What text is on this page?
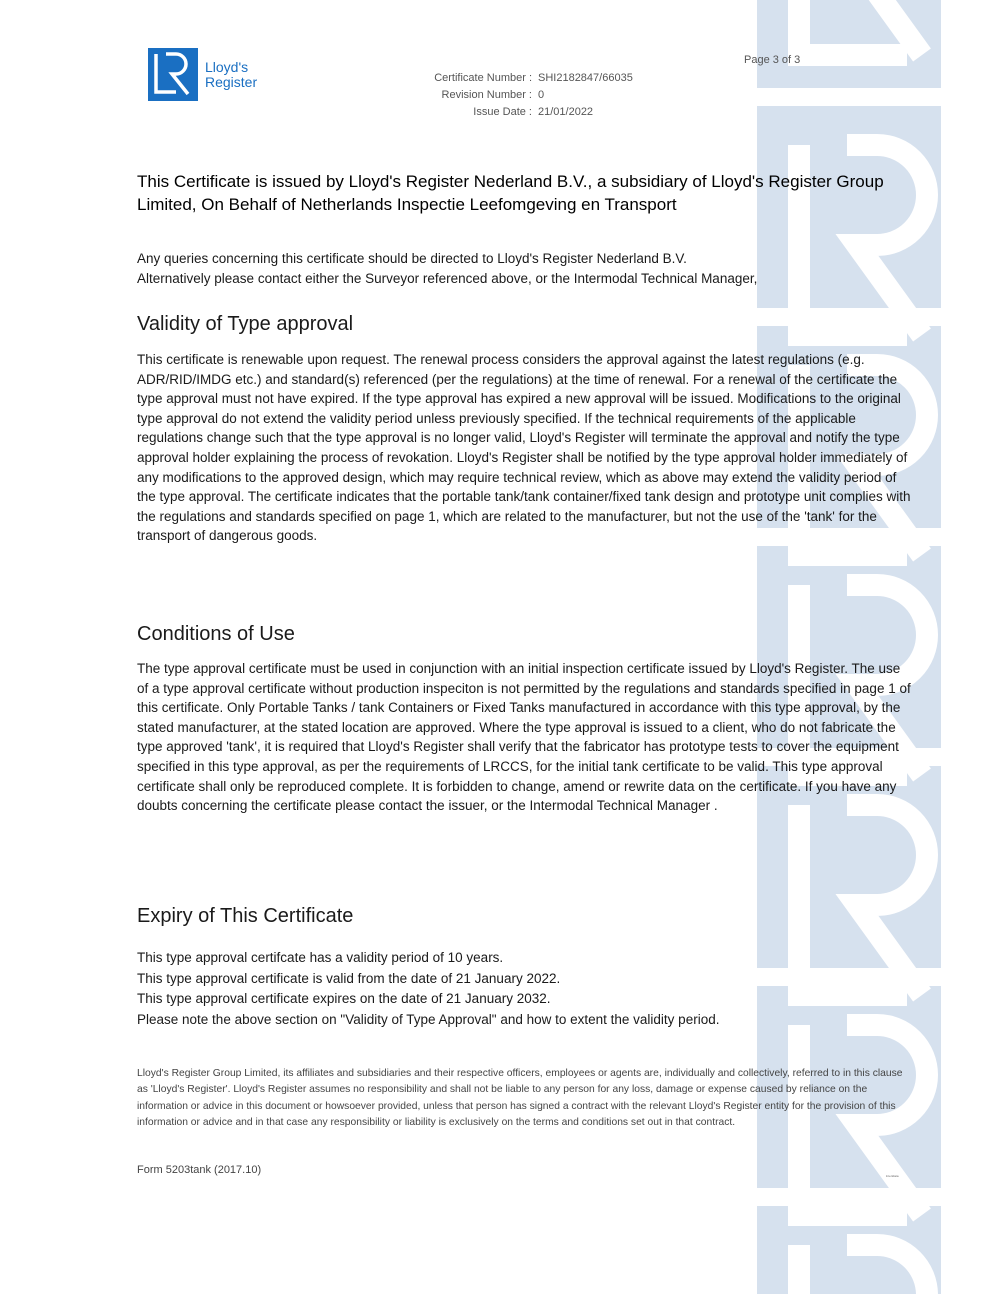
Lloyd's
Register	Certificate Number : SHI2182847/66035
Revision Number : 0
Issue Date : 21/01/2022
Page 3 of 3
This Certificate is issued by Lloyd's Register Nederland B.V., a subsidiary of Lloyd's Register Group Limited, On Behalf of Netherlands Inspectie Leefomgeving en Transport
Any queries concerning this certificate should be directed to Lloyd's Register Nederland B.V.
Alternatively please contact either the Surveyor referenced above, or the Intermodal Technical Manager,
Validity of Type approval

This certificate is renewable upon request. The renewal process considers the approval against the latest regulations (e.g. ADR/RID/IMDG etc.) and standard(s) referenced (per the regulations) at the time of renewal. For a renewal of the certificate the type approval must not have expired. If the type approval has expired a new approval will be issued. Modifications to the original type approval do not extend the validity period unless previously specified. If the technical requirements of the applicable regulations change such that the type approval is no longer valid, Lloyd's Register will terminate the approval and notify the type approval holder explaining the process of revokation. Lloyd's Register shall be notified by the type approval holder immediately of any modifications to the approved design, which may require technical review, which as above may extend the validity period of the type approval. The certificate indicates that the portable tank/tank container/fixed tank design and prototype unit complies with the regulations and standards specified on page 1, which are related to the manufacturer, but not the use of the 'tank' for the transport of dangerous goods.

Conditions of Use

The type approval certificate must be used in conjunction with an initial inspection certificate issued by Lloyd's Register. The use of a type approval certificate without production inspeciton is not permitted by the regulations and standards specified in page 1 of this certificate. Only Portable Tanks / tank Containers or Fixed Tanks manufactured in accordance with this type approval, by the stated manufacturer, at the stated location are approved. Where the type approval is issued to a client, who do not fabricate the type approved 'tank', it is required that Lloyd's Register shall verify that the fabricator has prototype tests to cover the equipment specified in this type approval, as per the requirements of LRCCS, for the initial tank certificate to be valid. This type approval certificate shall only be reproduced complete. It is forbidden to change, amend or rewrite data on the certificate. If you have any doubts concerning the certificate please contact the issuer, or the Intermodal Technical Manager .

Expiry of This Certificate
This type approval certifcate has a validity period of 10 years.
This type approval certificate is valid from the date of 21 January 2022.
This type approval certificate expires on the date of 21 January 2032.
Please note the above section on "Validity of Type Approval" and how to extent the validity period.

Lloyd's Register Group Limited, its affiliates and subsidiaries and their respective officers, employees or agents are, individually and collectively, referred to in this clause as 'Lloyd's Register'. Lloyd's Register assumes no responsibility and shall not be liable to any person for any loss, damage or expense caused by reliance on the information or advice in this document or howsoever provided, unless that person has signed a contract with the relevant Lloyd's Register entity for the provision of this information or advice and in that case any responsibility or liability is exclusively on the terms and conditions set out in that contract.

Form 5203tank (2017.10)	lrcertdata
